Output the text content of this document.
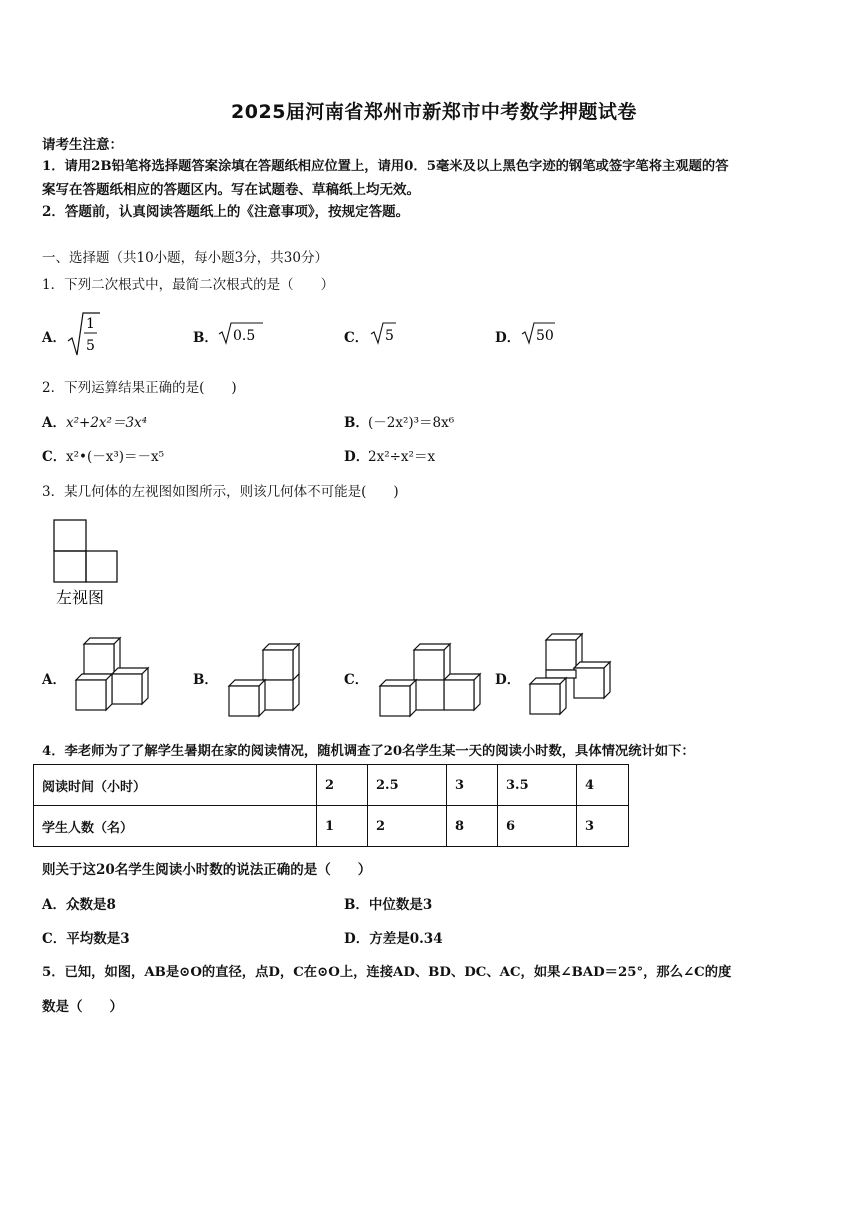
2025届河南省郑州市新郑市中考数学押题试卷
请考生注意：
1．请用2B铅笔将选择题答案涂填在答题纸相应位置上，请用0．5毫米及以上黑色字迹的钢笔或签字笔将主观题的答
案写在答题纸相应的答题区内。写在试题卷、草稿纸上均无效。
2．答题前，认真阅读答题纸上的《注意事项》，按规定答题。
一、选择题（共10小题，每小题3分，共30分）
1．下列二次根式中，最简二次根式的是（　　）
A．
1
5	B． 0.5	C． 5	D． 50
2．下列运算结果正确的是(　　)
A． x²+2x²＝3x⁴	B． (－2x²)³＝8x⁶
C． x²•(－x³)＝－x⁵	D．
2x²÷x²＝x
3．某几何体的左视图如图所示，则该几何体不可能是(　　)
左视图
A．	B．	C．	D．
4．李老师为了了解学生暑期在家的阅读情况，随机调查了20名学生某一天的阅读小时数，具体情况统计如下：
阅读时间（小时）	2	2.5	3	3.5	4
学生人数（名）	1	2	8	6	3
则关于这20名学生阅读小时数的说法正确的是（　　）
A．众数是8	B．中位数是3
C．平均数是3	D．方差是0.34
5．已知，如图，AB是⊙O的直径，点D，C在⊙O上，连接AD、BD、DC、AC，如果∠BAD＝25°，那么∠C的度
数是（　　）
